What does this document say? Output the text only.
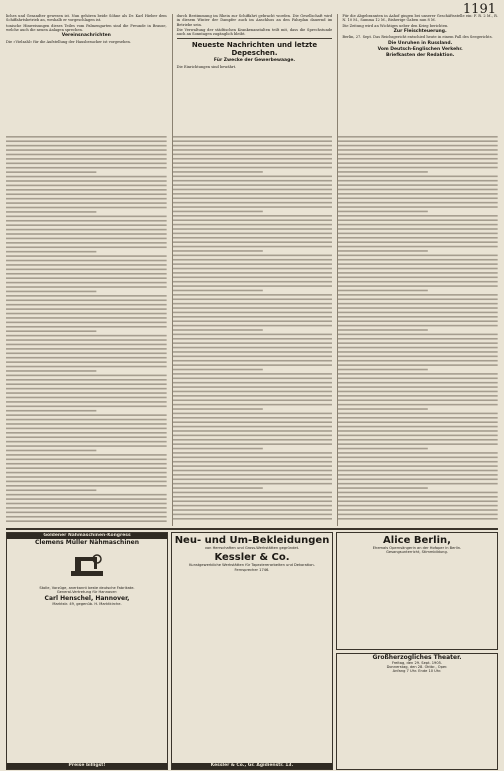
1191

liches und Gesandter gewesen ist. Nun gehören beide Söhne als Dr. Karl Hieber dem Schiffahrtsbetrieb an, weshalb er vorgeschlagen ist.

tonische Hinweisungen dieses Teiles vom Palmengarten sind die Freunde in Brause, welche auch die neuen Anlagen sprechen.

Vereinsnachrichten

Die »Vielzahl« für die Aufstellung der Hausbesucher ist vorgesehen.

durch Bestimmung im Rhein zur Schiffahrt gebracht worden. Die Gesellschaft wird in diesem Winter der Dampfer auch im Anschluss an den Fahrplan dauernd im Betriebe sein.

Die Verwaltung der städtischen Krankenanstalten teilt mit, dass die Sprechstunde auch an Sonntagen zugänglich bleibt.

Neueste Nachrichten und letzte Depeschen.
Für Zwecke der Gewerbewaage.

Die Einrichtungen sind bewährt.

Für die Abgebrannten in Aahof gingen bei unserer Geschäftsstelle ein: F. R. 2 M., R. N. 10 M., Summa 12 M., Bisherige Gaben nun 8 M.

Die Zeitung wird an Wichtiges ueber den Krieg berichten.

Zur Fleischteuerung.

Berlin, 27. Sept. Das Reichsgericht entschied heute in einem Fall des Seegerichts.

Die Unruhen in Russland.
Vom Deutsch-Englischen Verkehr.
Briefkasten der Redaktion.
Goldener Nähmaschinen-Kongress
Clemens Müller Nähmaschinen
Stolle, Vorzüge, anerkannt beste deutsche Fabrikate.
General-Vertretung für Hannover:
Carl Henschel, Hannover,
Marktstr. 49, gegenüb. H. Marktkirche.
Preise billigst!
Neu- und Um-Bekleidungen
von Herrschaften und Gross-Werkstätten gegründet.
Kessler & Co.
Kunstgewerbliche Werkstätten für Tapeziererarbeiten und Dekoration.
Fernsprecher 1746.
Kessler & Co., Gr. Ägidienstr. 13.
Alice Berlin,
Ehemals Opernsängerin an der Hofoper in Berlin.
Gesangsunterricht, Stimmbildung.
Großherzogliches Theater.
Freitag, den 29. Sept. 1905.
Donnerstag, den 28. Oktbr., Oper.
Anfang 7 Uhr. Ende 10 Uhr.
